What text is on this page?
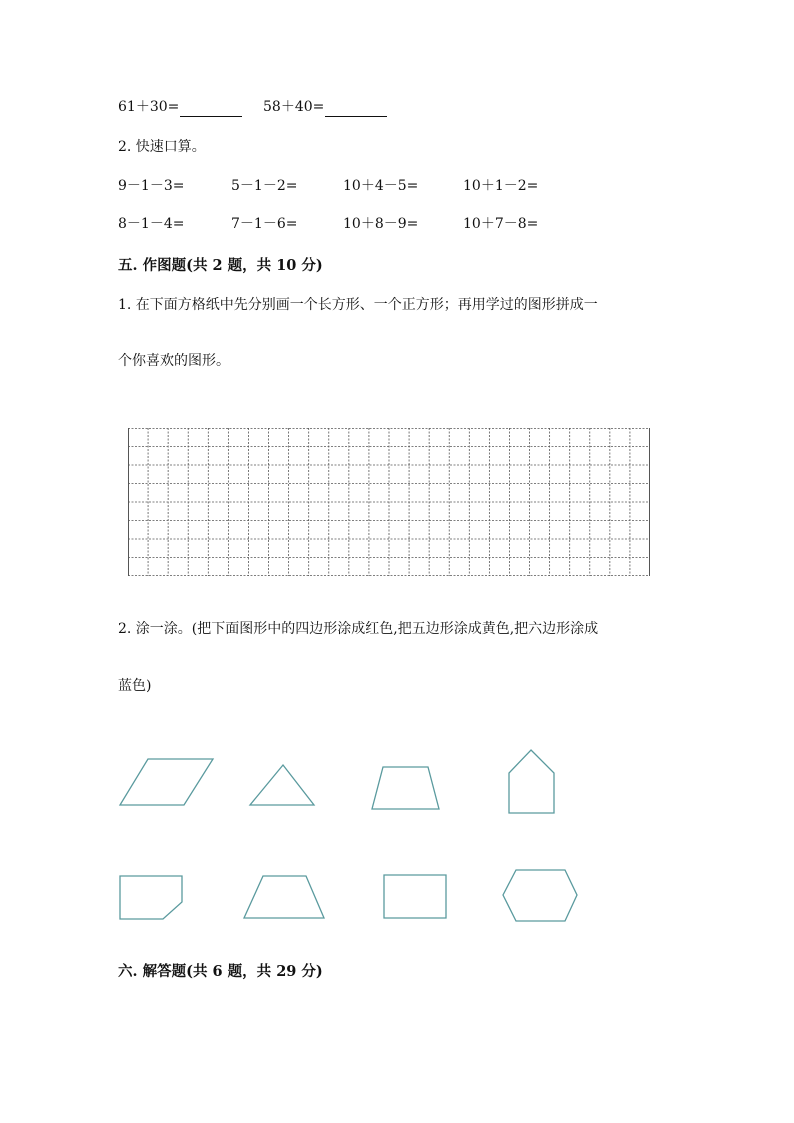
61＋30=	58＋40=
2. 快速口算。
9－1－3=	5－1－2=	10＋4－5=	10＋1－2=
8－1－4=	7－1－6=	10＋8－9=	10＋7－8=
五. 作图题(共 2 题，共 10 分)
1. 在下面方格纸中先分别画一个长方形、一个正方形；再用学过的图形拼成一
个你喜欢的图形。
2. 涂一涂。(把下面图形中的四边形涂成红色,把五边形涂成黄色,把六边形涂成
蓝色)
六. 解答题(共 6 题，共 29 分)
